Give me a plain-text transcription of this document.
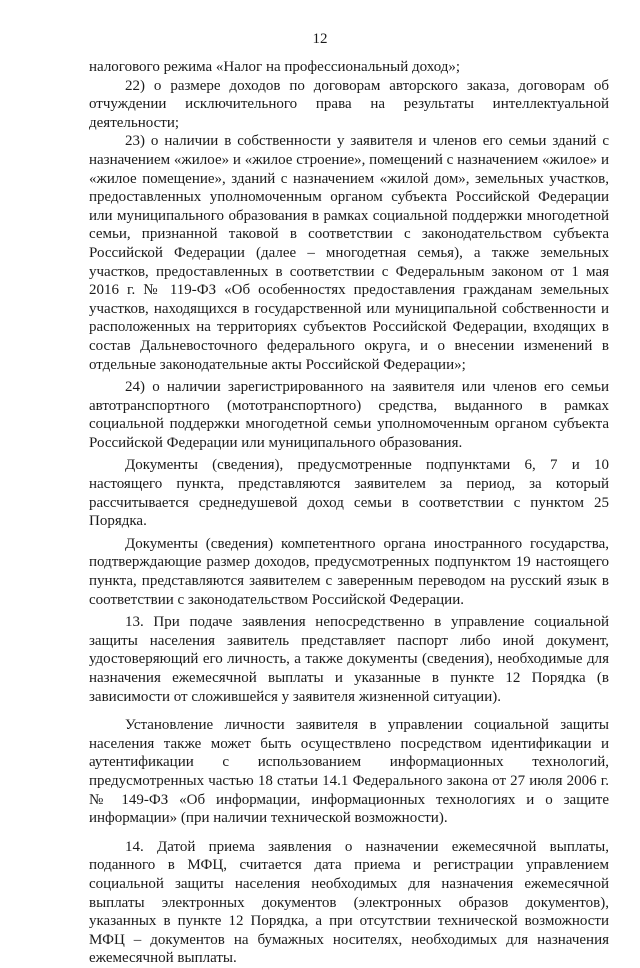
12

налогового режима «Налог на профессиональный доход»;

22) о размере доходов по договорам авторского заказа, договорам об отчуждении исключительного права на результаты интеллектуальной деятельности;

23) о наличии в собственности у заявителя и членов его семьи зданий с назначением «жилое» и «жилое строение», помещений с назначением «жилое» и «жилое помещение», зданий с назначением «жилой дом», земельных участков, предоставленных уполномоченным органом субъекта Российской Федерации или муниципального образования в рамках социальной поддержки многодетной семьи, признанной таковой в соответствии с законодательством субъекта Российской Федерации (далее – многодетная семья), а также земельных участков, предоставленных в соответствии с Федеральным законом от 1 мая 2016 г. № 119-ФЗ «Об особенностях предоставления гражданам земельных участков, находящихся в государственной или муниципальной собственности и расположенных на территориях субъектов Российской Федерации, входящих в состав Дальневосточного федерального округа, и о внесении изменений в отдельные законодательные акты Российской Федерации»;

24) о наличии зарегистрированного на заявителя или членов его семьи автотранспортного (мототранспортного) средства, выданного в рамках социальной поддержки многодетной семьи уполномоченным органом субъекта Российской Федерации или муниципального образования.

Документы (сведения), предусмотренные подпунктами 6, 7 и 10 настоящего пункта, представляются заявителем за период, за который рассчитывается среднедушевой доход семьи в соответствии с пунктом 25 Порядка.

Документы (сведения) компетентного органа иностранного государства, подтверждающие размер доходов, предусмотренных подпунктом 19 настоящего пункта, представляются заявителем с заверенным переводом на русский язык в соответствии с законодательством Российской Федерации.

13. При подаче заявления непосредственно в управление социальной защиты населения заявитель представляет паспорт либо иной документ, удостоверяющий его личность, а также документы (сведения), необходимые для назначения ежемесячной выплаты и указанные в пункте 12 Порядка (в зависимости от сложившейся у заявителя жизненной ситуации).

Установление личности заявителя в управлении социальной защиты населения также может быть осуществлено посредством идентификации и аутентификации с использованием информационных технологий, предусмотренных частью 18 статьи 14.1 Федерального закона от 27 июля 2006 г. № 149-ФЗ «Об информации, информационных технологиях и о защите информации» (при наличии технической возможности).

14. Датой приема заявления о назначении ежемесячной выплаты, поданного в МФЦ, считается дата приема и регистрации управлением социальной защиты населения необходимых для назначения ежемесячной выплаты электронных документов (электронных образов документов), указанных в пункте 12 Порядка, а при отсутствии технической возможности МФЦ – документов на бумажных носителях, необходимых для назначения ежемесячной выплаты.
